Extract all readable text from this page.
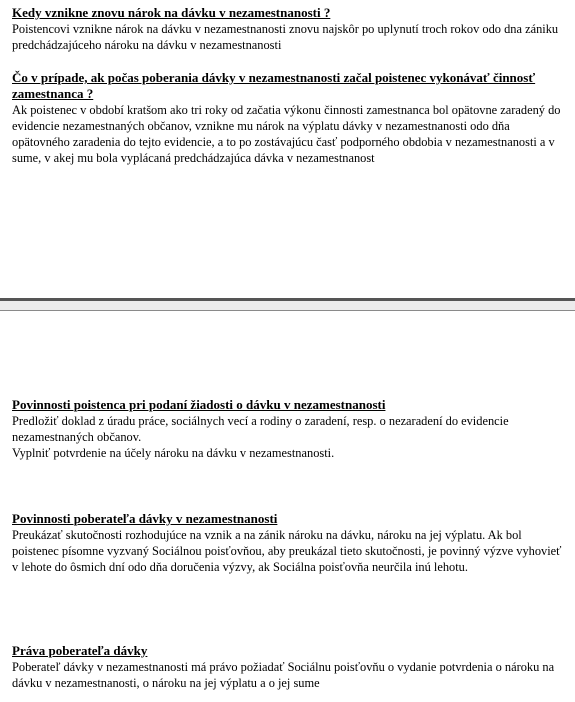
Kedy vznikne znovu nárok na dávku v nezamestnanosti ?

Poistencovi vznikne nárok na dávku v nezamestnanosti znovu najskôr po uplynutí troch rokov odo dna zániku predchádzajúceho nároku na dávku v nezamestnanosti

Čo v prípade, ak počas poberania dávky v nezamestnanosti začal poistenec vykonávať činnosť zamestnanca ?

Ak poistenec v období kratšom ako tri roky od začatia výkonu činnosti zamestnanca bol opätovne zaradený do evidencie nezamestnaných občanov, vznikne mu nárok na výplatu dávky v nezamestnanosti odo dňa opätovného zaradenia do tejto evidencie, a to po zostávajúcu časť podporného obdobia v nezamestnanosti a v sume, v akej mu bola vyplácaná predchádzajúca dávka v nezamestnanost

Povinnosti poistenca pri podaní žiadosti o dávku v nezamestnanosti

Predložiť doklad z úradu práce, sociálnych vecí a rodiny o zaradení, resp. o nezaradení do evidencie nezamestnaných občanov.

Vyplniť potvrdenie na účely nároku na dávku v nezamestnanosti.

Povinnosti poberateľa dávky v nezamestnanosti

Preukázať skutočnosti rozhodujúce na vznik a na zánik nároku na dávku, nároku na jej výplatu. Ak bol poistenec písomne vyzvaný Sociálnou poisťovňou, aby preukázal tieto skutočnosti, je povinný výzve vyhovieť v lehote do ôsmich dní odo dňa doručenia výzvy, ak Sociálna poisťovňa neurčila inú lehotu.

Práva poberateľa dávky

Poberateľ dávky v nezamestnanosti má právo požiadať Sociálnu poisťovňu o vydanie potvrdenia o nároku na dávku v nezamestnanosti, o nároku na jej výplatu a o jej sume
